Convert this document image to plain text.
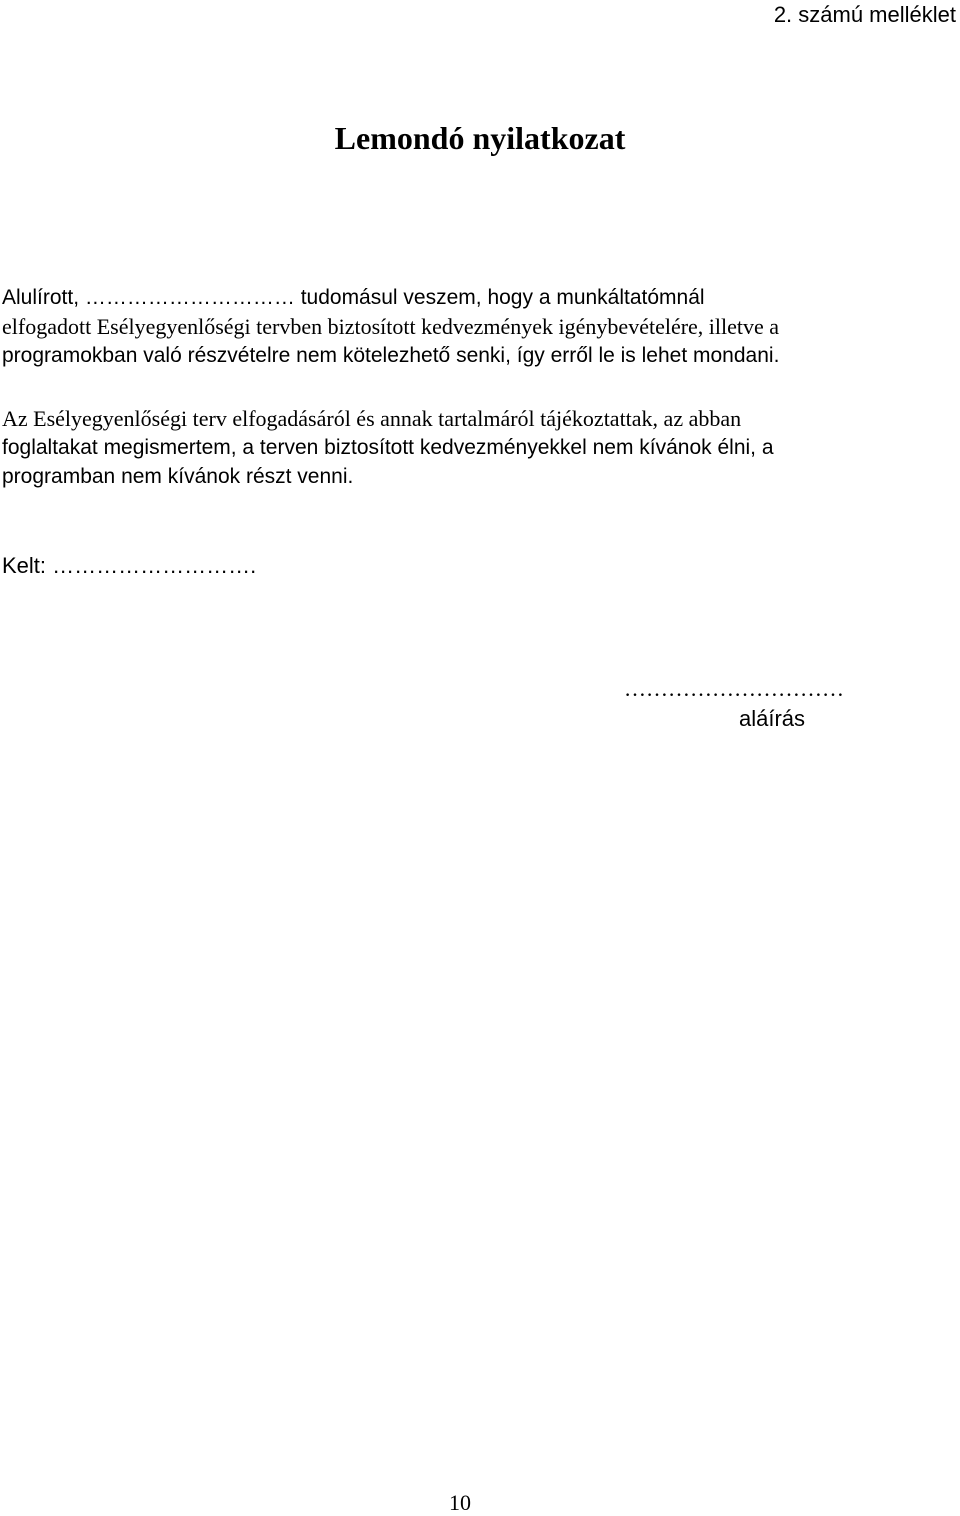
2. számú melléklet
Lemondó nyilatkozat

Alulírott, ………………………… tudomásul veszem, hogy a munkáltatómnál
elfogadott Esélyegyenlőségi tervben biztosított kedvezmények igénybevételére, illetve a
programokban való részvételre nem kötelezhető senki, így erről le is lehet mondani.

Az Esélyegyenlőségi terv elfogadásáról és annak tartalmáról tájékoztattak, az abban
foglaltakat megismertem, a terven biztosított kedvezményekkel nem kívánok élni, a
programban nem kívánok részt venni.

Kelt: ……………………….
…………………………
aláírás
10
